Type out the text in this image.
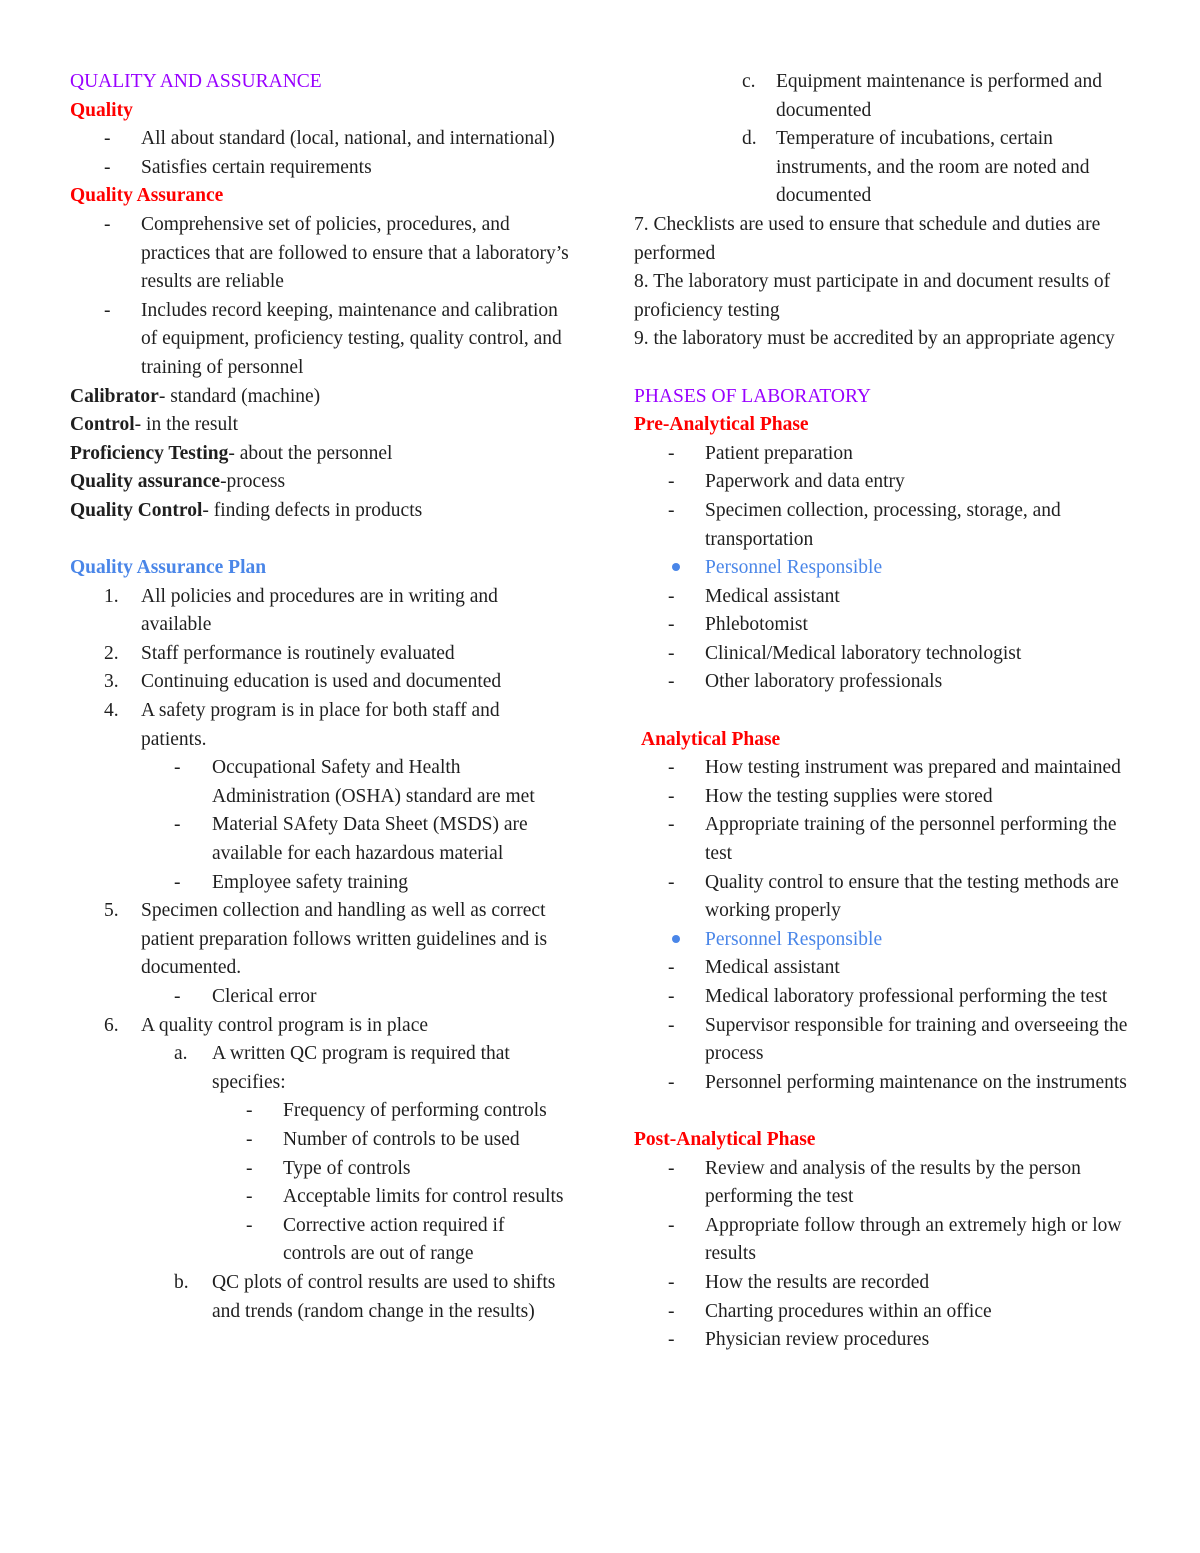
QUALITY AND ASSURANCE
Quality
-	All about standard (local, national, and international)
-	Satisfies certain requirements
Quality Assurance
-	Comprehensive set of policies, procedures, and practices that are followed to ensure that a laboratory’s results are reliable
-	Includes record keeping, maintenance and calibration of equipment, proficiency testing, quality control, and training of personnel
Calibrator- standard (machine)
Control- in the result
Proficiency Testing- about the personnel
Quality assurance-process
Quality Control- finding defects in products
Quality Assurance Plan
1.	All policies and procedures are in writing and available
2.	Staff performance is routinely evaluated
3.	Continuing education is used and documented
4.	A safety program is in place for both staff and patients.
-	Occupational Safety and Health Administration (OSHA) standard are met
-	Material SAfety Data Sheet (MSDS) are available for each hazardous material
-	Employee safety training
5.	Specimen collection and handling as well as correct patient preparation follows written guidelines and is documented.
-	Clerical error
6.	A quality control program is in place
a.	A written QC program is required that specifies:
-	Frequency of performing controls
-	Number of controls to be used
-	Type of controls
-	Acceptable limits for control results
-	Corrective action required if controls are out of range
b.	QC plots of control results are used to shifts and trends (random change in the results)
c.	Equipment maintenance is performed and documented
d. Temperature of incubations, certain instruments, and the room are noted and documented
7. Checklists are used to ensure that schedule and duties are performed
8. The laboratory must participate in and document results of proficiency testing
9. the laboratory must be accredited by an appropriate agency
PHASES OF LABORATORY
Pre-Analytical Phase
-	Patient preparation
-	Paperwork and data entry
-	Specimen collection, processing, storage, and transportation
Personnel Responsible
-	Medical assistant
-	Phlebotomist
-	Clinical/Medical laboratory technologist
-	Other laboratory professionals
Analytical Phase
-	How testing instrument was prepared and maintained
-	How the testing supplies were stored
-	Appropriate training of the personnel performing the test
-	Quality control to ensure that the testing methods are working properly
Personnel Responsible
-	Medical assistant
-	Medical laboratory professional performing the test
-	Supervisor responsible for training and overseeing the process
-	Personnel performing maintenance on the instruments
Post-Analytical Phase
-	Review and analysis of the results by the person performing the test
-	Appropriate follow through an extremely high or low results
-	How the results are recorded
-	Charting procedures within an office
-	Physician review procedures
